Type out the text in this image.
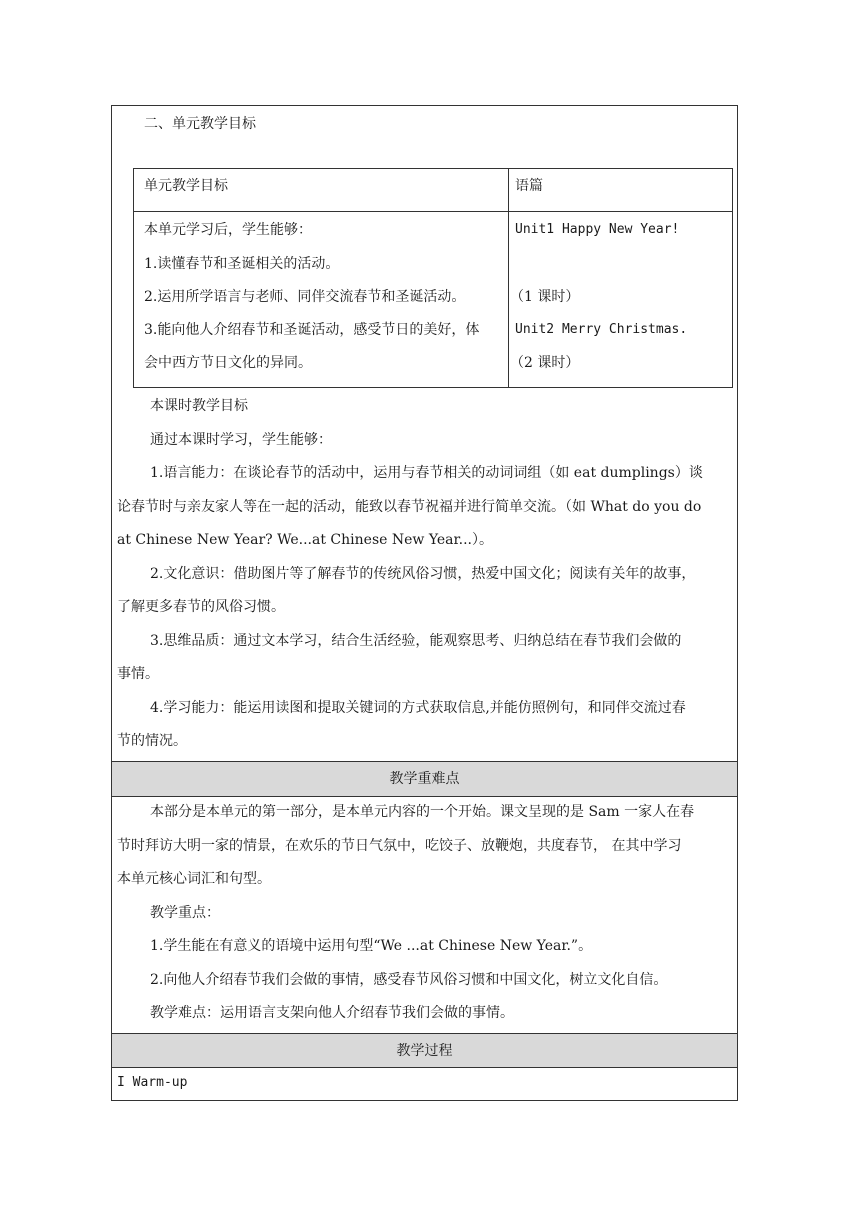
二、单元教学目标
单元教学目标	语篇
本单元学习后，学生能够：
1.读懂春节和圣诞相关的活动。
2.运用所学语言与老师、同伴交流春节和圣诞活动。
3.能向他人介绍春节和圣诞活动，感受节日的美好，体
会中西方节日文化的异同。
Unit1 Happy New Year!
（1 课时）
Unit2 Merry Christmas.
（2 课时）
本课时教学目标
通过本课时学习，学生能够：
1.语言能力：在谈论春节的活动中，运用与春节相关的动词词组（如 eat dumplings）谈
论春节时与亲友家人等在一起的活动，能致以春节祝福并进行简单交流。（如 What do you do
at Chinese New Year? We...at Chinese New Year...）。
2.文化意识：借助图片等了解春节的传统风俗习惯，热爱中国文化；阅读有关年的故事，
了解更多春节的风俗习惯。
3.思维品质：通过文本学习，结合生活经验，能观察思考、归纳总结在春节我们会做的
事情。
4.学习能力：能运用读图和提取关键词的方式获取信息,并能仿照例句，和同伴交流过春
节的情况。
教学重难点
本部分是本单元的第一部分，是本单元内容的一个开始。课文呈现的是 Sam 一家人在春
节时拜访大明一家的情景，在欢乐的节日气氛中，吃饺子、放鞭炮，共度春节， 在其中学习
本单元核心词汇和句型。
教学重点：
1.学生能在有意义的语境中运用句型“We ...at Chinese New Year.”。
2.向他人介绍春节我们会做的事情，感受春节风俗习惯和中国文化，树立文化自信。
教学难点：运用语言支架向他人介绍春节我们会做的事情。
教学过程
I Warm-up
